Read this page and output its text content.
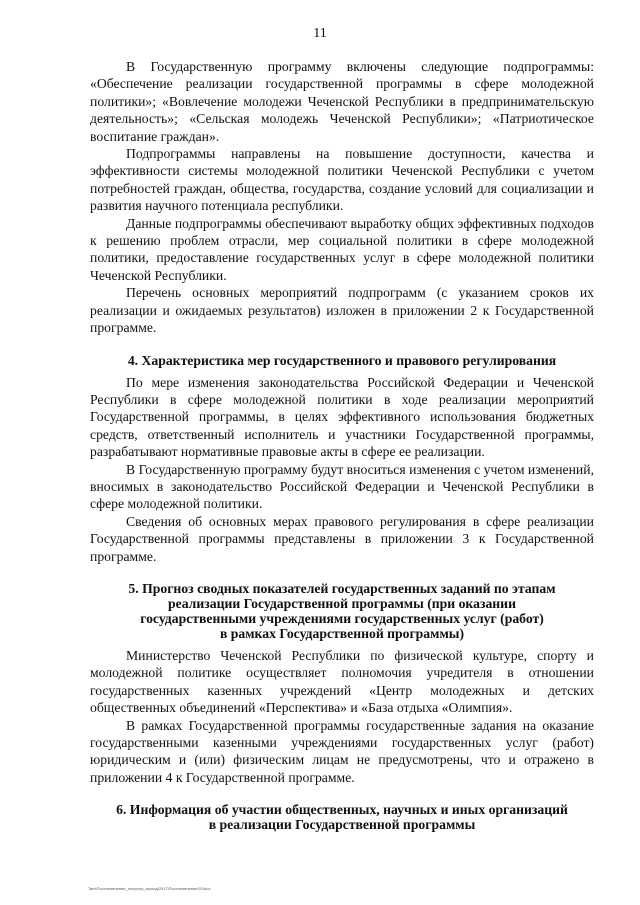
11

В Государственную программу включены следующие подпрограммы: «Обеспечение реализации государственной программы в сфере молодежной политики»; «Вовлечение молодежи Чеченской Республики в предпринимательскую деятельность»; «Сельская молодежь Чеченской Республики»; «Патриотическое воспитание граждан».

Подпрограммы направлены на повышение доступности, качества и эффективности системы молодежной политики Чеченской Республики с учетом потребностей граждан, общества, государства, создание условий для социализации и развития научного потенциала республики.

Данные подпрограммы обеспечивают выработку общих эффективных подходов к решению проблем отрасли, мер социальной политики в сфере молодежной политики, предоставление государственных услуг в сфере молодежной политики Чеченской Республики.

Перечень основных мероприятий подпрограмм (с указанием сроков их реализации и ожидаемых результатов) изложен в приложении 2 к Государственной программе.

4. Характеристика мер государственного и правового регулирования

По мере изменения законодательства Российской Федерации и Чеченской Республики в сфере молодежной политики в ходе реализации мероприятий Государственной программы, в целях эффективного использования бюджетных средств, ответственный исполнитель и участники Государственной программы, разрабатывают нормативные правовые акты в сфере ее реализации.

В Государственную программу будут вноситься изменения с учетом изменений, вносимых в законодательство Российской Федерации и Чеченской Республики в сфере молодежной политики.

Сведения об основных мерах правового регулирования в сфере реализации Государственной программы представлены в приложении 3 к Государственной программе.

5. Прогноз сводных показателей государственных заданий по этапам
реализации Государственной программы (при оказании
государственными учреждениями государственных услуг (работ)
в рамках Государственной программы)

Министерство Чеченской Республики по физической культуре, спорту и молодежной политике осуществляет полномочия учредителя в отношении государственных казенных учреждений «Центр молодежных и детских общественных объединений «Перспектива» и «База отдыха «Олимпия».

В рамках Государственной программы государственные задания на оказание государственными казенными учреждениями государственных услуг (работ) юридическим и (или) физическим лицам не предусмотрены, что и отражено в приложении 4 к Государственной программе.

6. Информация об участии общественных, научных и иных организаций
в реализации Государственной программы
Tam\Постановление_госпрогр_молод\2017\Постановление\01\doc
